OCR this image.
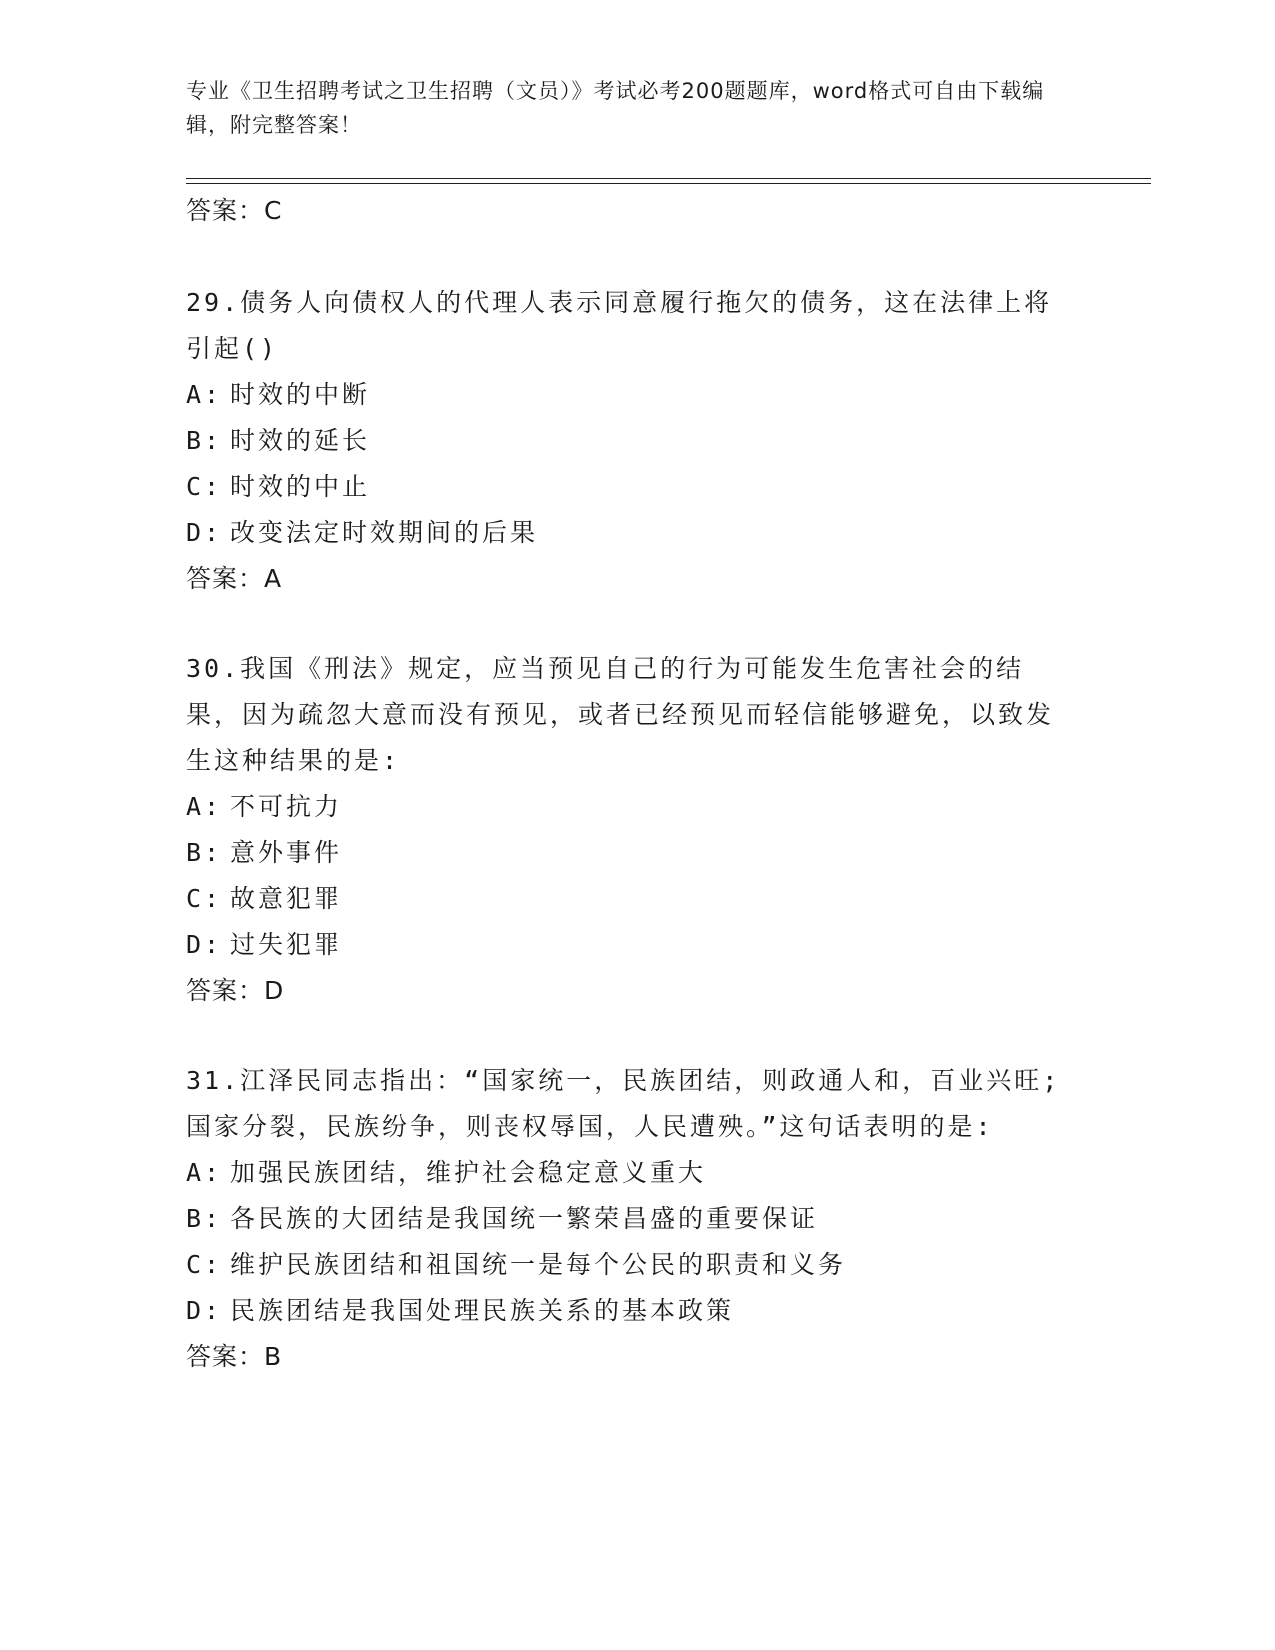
专业《卫生招聘考试之卫生招聘（文员）》考试必考200题题库，word格式可自由下载编辑，附完整答案！
答案：C
29.债务人向债权人的代理人表示同意履行拖欠的债务，这在法律上将引起()
A: 时效的中断
B: 时效的延长
C: 时效的中止
D: 改变法定时效期间的后果
答案：A
30.我国《刑法》规定，应当预见自己的行为可能发生危害社会的结果，因为疏忽大意而没有预见，或者已经预见而轻信能够避免，以致发生这种结果的是:
A: 不可抗力
B: 意外事件
C: 故意犯罪
D: 过失犯罪
答案：D
31.江泽民同志指出：“国家统一，民族团结，则政通人和，百业兴旺;国家分裂，民族纷争，则丧权辱国，人民遭殃。”这句话表明的是:
A: 加强民族团结，维护社会稳定意义重大
B: 各民族的大团结是我国统一繁荣昌盛的重要保证
C: 维护民族团结和祖国统一是每个公民的职责和义务
D: 民族团结是我国处理民族关系的基本政策
答案：B
